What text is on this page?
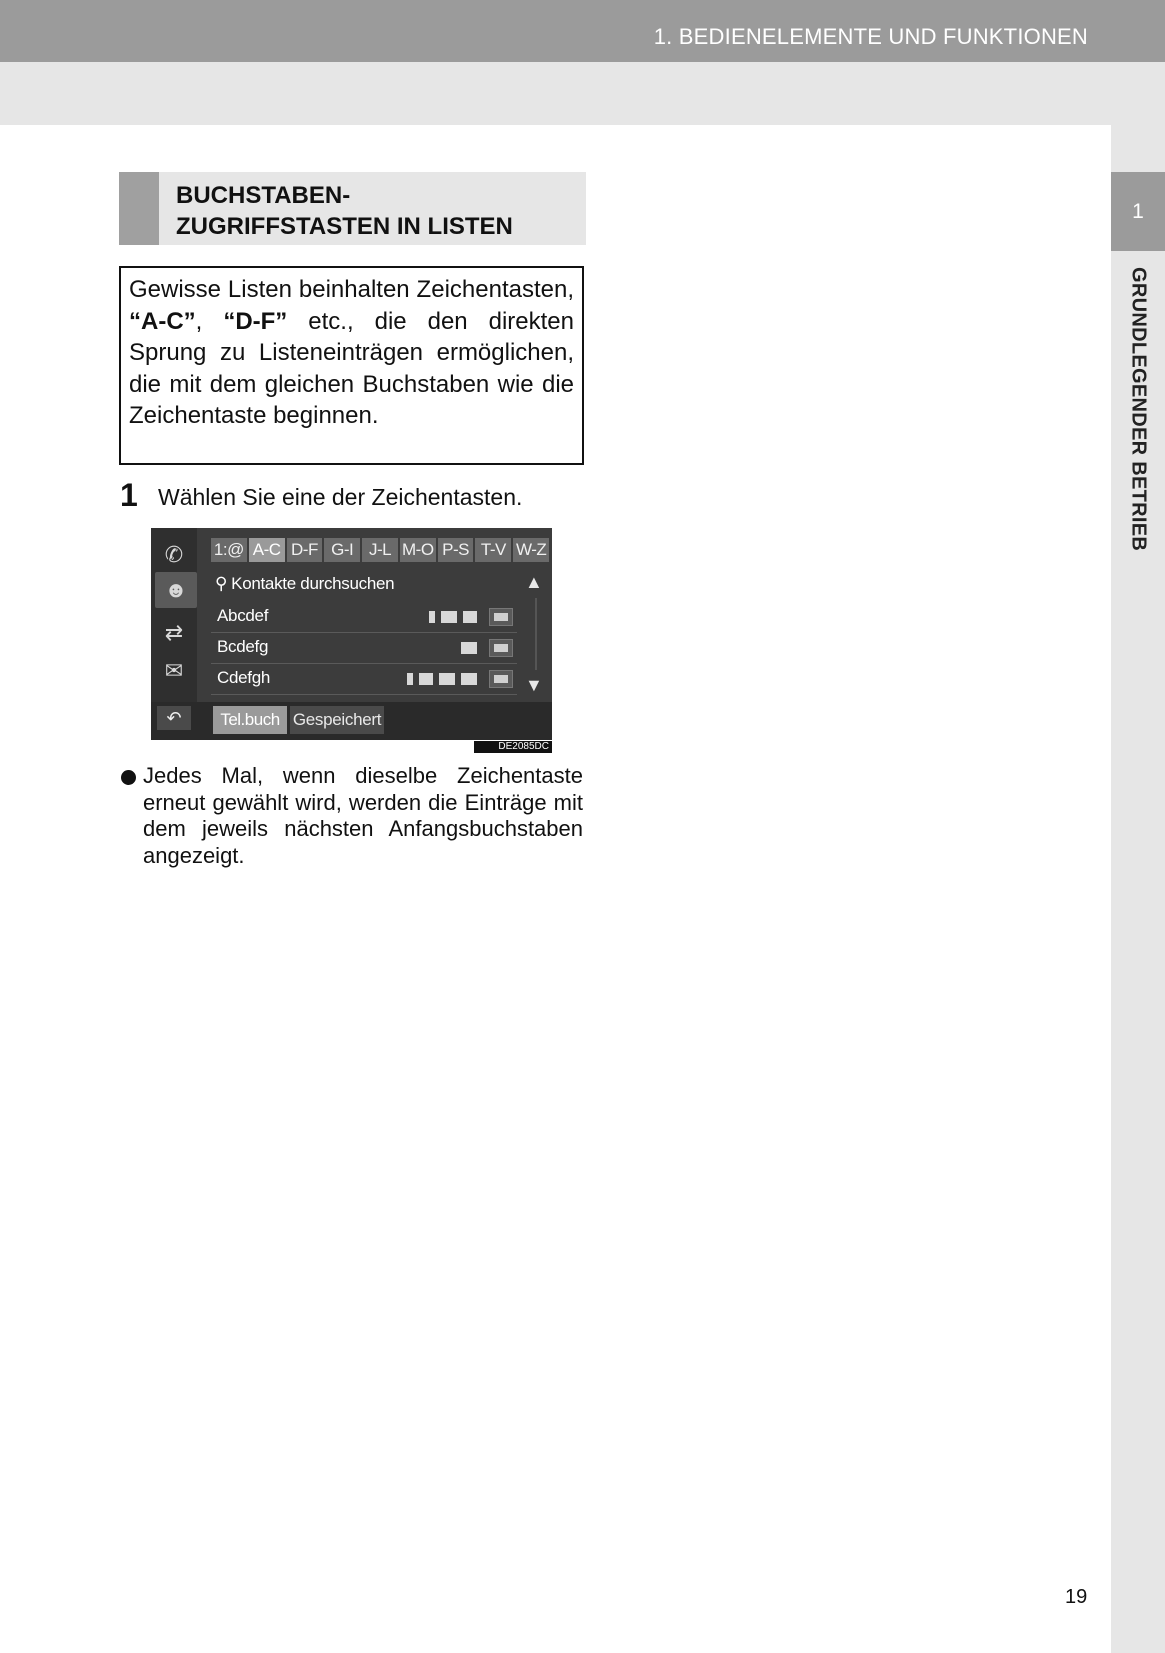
1. BEDIENELEMENTE UND FUNKTIONEN
1
GRUNDLEGENDER BETRIEB
BUCHSTABEN-
ZUGRIFFSTASTEN IN LISTEN
Gewisse Listen beinhalten Zeichentasten, “A-C”, “D-F” etc., die den direkten Sprung zu Listeneinträgen ermöglichen, die mit dem gleichen Buchstaben wie die Zeichentaste beginnen.
1 Wählen Sie eine der Zeichentasten.
✆
☻
⇄
✉
1:@ A-C D-F G-I J-L M-O P-S T-V W-Z
⚲ Kontakte durchsuchen
Abcdef
Bcdefg
Cdefgh
▲
▼
↶	Tel.buch Gespeichert
DE2085DC
Jedes Mal, wenn dieselbe Zeichentaste erneut gewählt wird, werden die Einträge mit dem jeweils nächsten Anfangsbuchstaben angezeigt.
19
